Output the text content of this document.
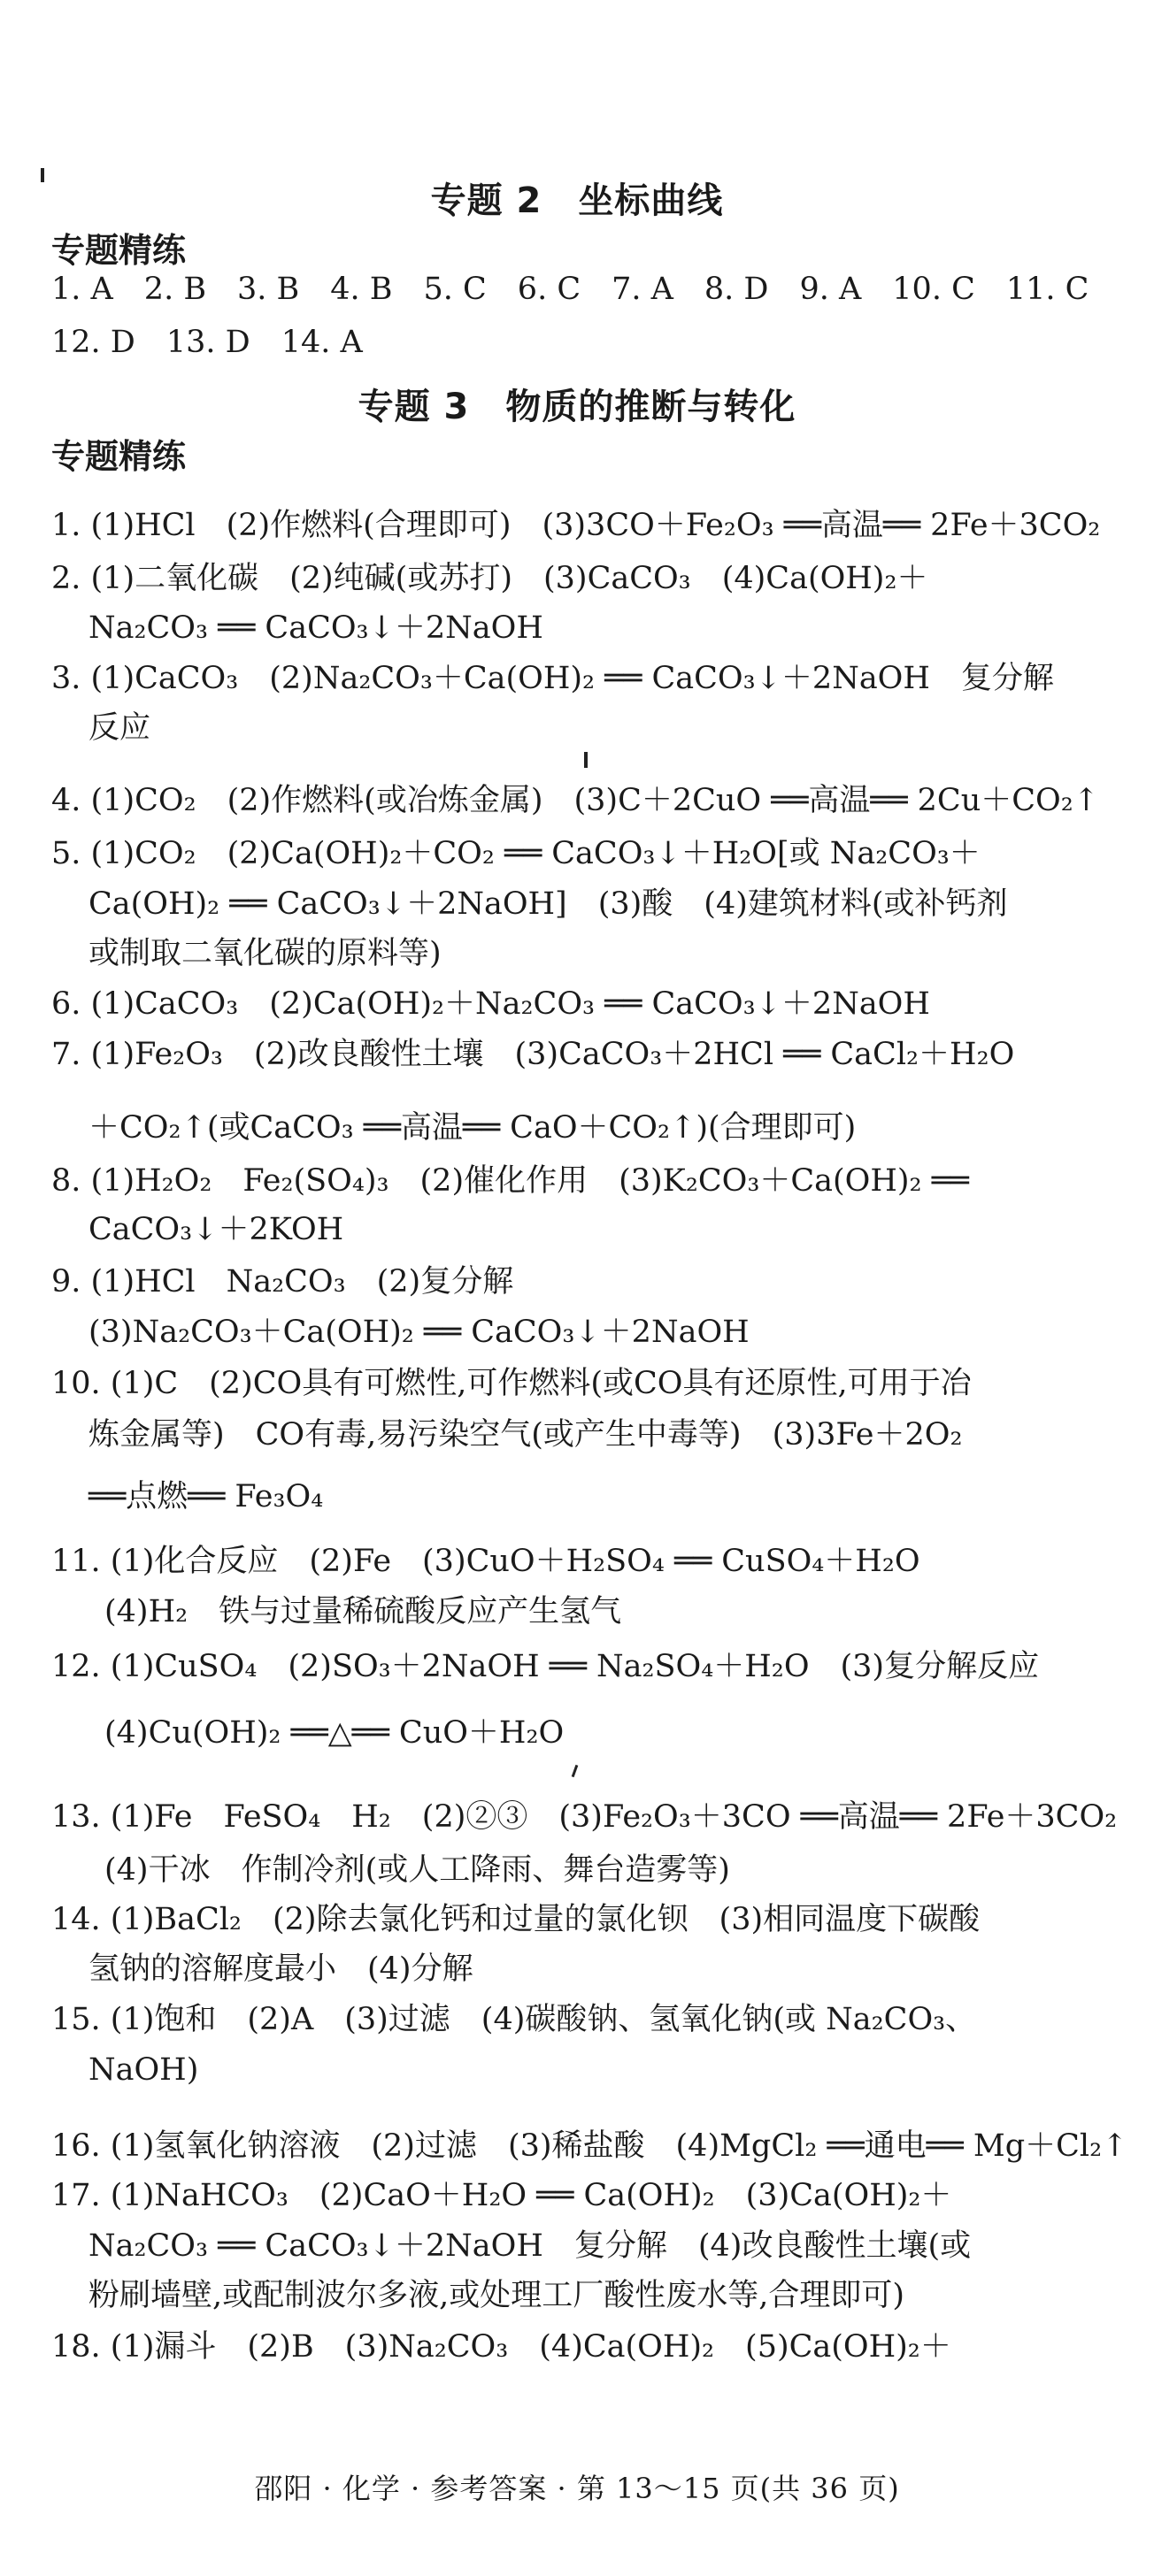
专题 2　坐标曲线
专题精练
1. A　2. B　3. B　4. B　5. C　6. C　7. A　8. D　9. A　10. C　11. C
12. D　13. D　14. A
专题 3　物质的推断与转化
专题精练
1. (1)HCl　(2)作燃料(合理即可)　(3)3CO＋Fe₂O₃ ══高温══ 2Fe＋3CO₂
2. (1)二氧化碳　(2)纯碱(或苏打)　(3)CaCO₃　(4)Ca(OH)₂＋
Na₂CO₃ ══ CaCO₃↓＋2NaOH
3. (1)CaCO₃　(2)Na₂CO₃＋Ca(OH)₂ ══ CaCO₃↓＋2NaOH　复分解
反应
4. (1)CO₂　(2)作燃料(或冶炼金属)　(3)C＋2CuO ══高温══ 2Cu＋CO₂↑
5. (1)CO₂　(2)Ca(OH)₂＋CO₂ ══ CaCO₃↓＋H₂O[或 Na₂CO₃＋
Ca(OH)₂ ══ CaCO₃↓＋2NaOH]　(3)酸　(4)建筑材料(或补钙剂
或制取二氧化碳的原料等)
6. (1)CaCO₃　(2)Ca(OH)₂＋Na₂CO₃ ══ CaCO₃↓＋2NaOH
7. (1)Fe₂O₃　(2)改良酸性土壤　(3)CaCO₃＋2HCl ══ CaCl₂＋H₂O
＋CO₂↑(或CaCO₃ ══高温══ CaO＋CO₂↑)(合理即可)
8. (1)H₂O₂　Fe₂(SO₄)₃　(2)催化作用　(3)K₂CO₃＋Ca(OH)₂ ══
CaCO₃↓＋2KOH
9. (1)HCl　Na₂CO₃　(2)复分解
(3)Na₂CO₃＋Ca(OH)₂ ══ CaCO₃↓＋2NaOH
10. (1)C　(2)CO具有可燃性,可作燃料(或CO具有还原性,可用于冶
炼金属等)　CO有毒,易污染空气(或产生中毒等)　(3)3Fe＋2O₂
══点燃══ Fe₃O₄
11. (1)化合反应　(2)Fe　(3)CuO＋H₂SO₄ ══ CuSO₄＋H₂O
(4)H₂　铁与过量稀硫酸反应产生氢气
12. (1)CuSO₄　(2)SO₃＋2NaOH ══ Na₂SO₄＋H₂O　(3)复分解反应
(4)Cu(OH)₂ ══△══ CuO＋H₂O
13. (1)Fe　FeSO₄　H₂　(2)②③　(3)Fe₂O₃＋3CO ══高温══ 2Fe＋3CO₂
(4)干冰　作制冷剂(或人工降雨、舞台造雾等)
14. (1)BaCl₂　(2)除去氯化钙和过量的氯化钡　(3)相同温度下碳酸
氢钠的溶解度最小　(4)分解
15. (1)饱和　(2)A　(3)过滤　(4)碳酸钠、氢氧化钠(或 Na₂CO₃、
NaOH)
16. (1)氢氧化钠溶液　(2)过滤　(3)稀盐酸　(4)MgCl₂ ══通电══ Mg＋Cl₂↑
17. (1)NaHCO₃　(2)CaO＋H₂O ══ Ca(OH)₂　(3)Ca(OH)₂＋
Na₂CO₃ ══ CaCO₃↓＋2NaOH　复分解　(4)改良酸性土壤(或
粉刷墙壁,或配制波尔多液,或处理工厂酸性废水等,合理即可)
18. (1)漏斗　(2)B　(3)Na₂CO₃　(4)Ca(OH)₂　(5)Ca(OH)₂＋
邵阳 · 化学 · 参考答案 · 第 13～15 页(共 36 页)
